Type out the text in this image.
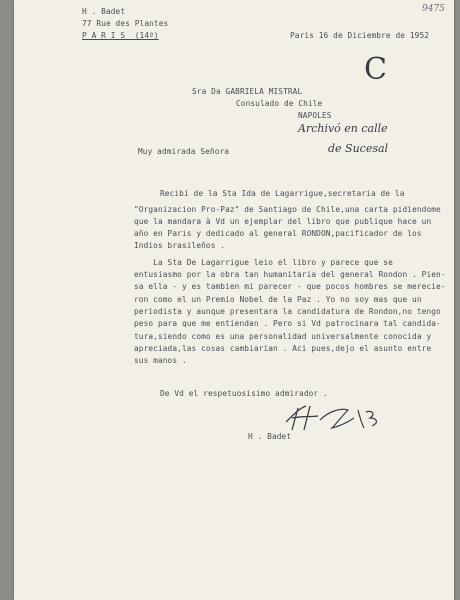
9475
H . Badet
77 Rue des Plantes
P A R I S  (14º)	Paris 16 de Diciembre de 1952
C
Sra Da GABRIELA MISTRAL
Consulado de Chile
NAPOLES
Archivó en calle
de Sucesal
Muy admirada Señora
Recibí de la Sta Ida de Lagarrigue,secretaria de la
"Organizacion Pro-Paz" de Santiago de Chile,una carta pidiendome
que la mandara à Vd un ejemplar del libro que publique hace un
año en Paris y dedicado al general RONDON,pacificador de los
Indios brasileños .
La Sta De Lagarrigue leio el libro y parece que se
entusiasmo por la obra tan humanitaria del general Rondon . Pien-
sa ella - y es tambien mi parecer - que pocos hombres se merecie-
ron como el un Premio Nobel de la Paz . Yo no soy mas que un
periodista y aunque presentara la candidatura de Rondon,no tengo
peso para que me entiendan . Pero si Vd patrocinara tal candida-
tura,siendo como es una personalidad universalmente conocida y
apreciada,las cosas cambiarian . Aci pues,dejo el asunto entre
sus manos .
De Vd el respetuosisimo admirador .
H . Badet
